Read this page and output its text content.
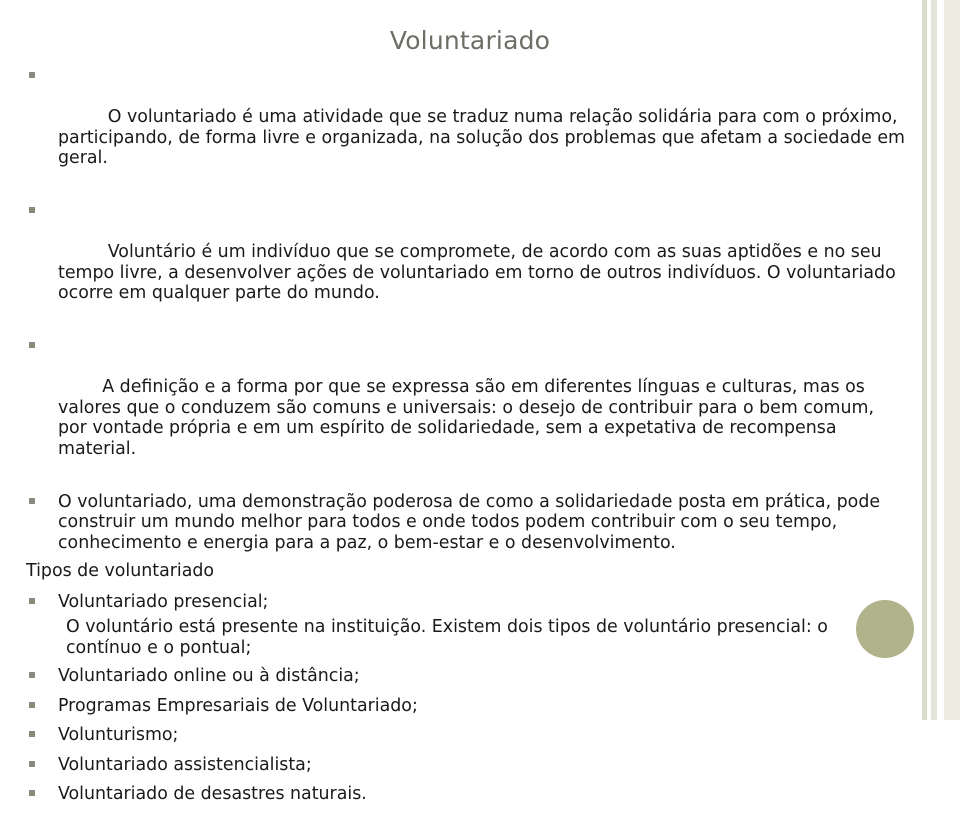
Voluntariado

O voluntariado é uma atividade que se traduz numa relação solidária para com o próximo, participando, de forma livre e organizada, na solução dos problemas que afetam a sociedade em geral.

Voluntário é um indivíduo que se compromete, de acordo com as suas aptidões e no seu tempo livre, a desenvolver ações de voluntariado em torno de outros indivíduos. O voluntariado ocorre em qualquer parte do mundo.

A definição e a forma por que se expressa são em diferentes línguas e culturas, mas os valores que o conduzem são comuns e universais: o desejo de contribuir para o bem comum, por vontade própria e em um espírito de solidariedade, sem a expetativa de recompensa material.

O voluntariado, uma demonstração poderosa de como a solidariedade posta em prática, pode construir um mundo melhor para todos e onde todos podem contribuir com o seu tempo, conhecimento e energia para a paz, o bem-estar e o desenvolvimento.
Tipos de voluntariado
Voluntariado presencial;
O voluntário está presente na instituição. Existem dois tipos de voluntário presencial: o contínuo e o pontual;
Voluntariado online ou à distância;
Programas Empresariais de Voluntariado;
Volunturismo;
Voluntariado assistencialista;
Voluntariado de desastres naturais.
